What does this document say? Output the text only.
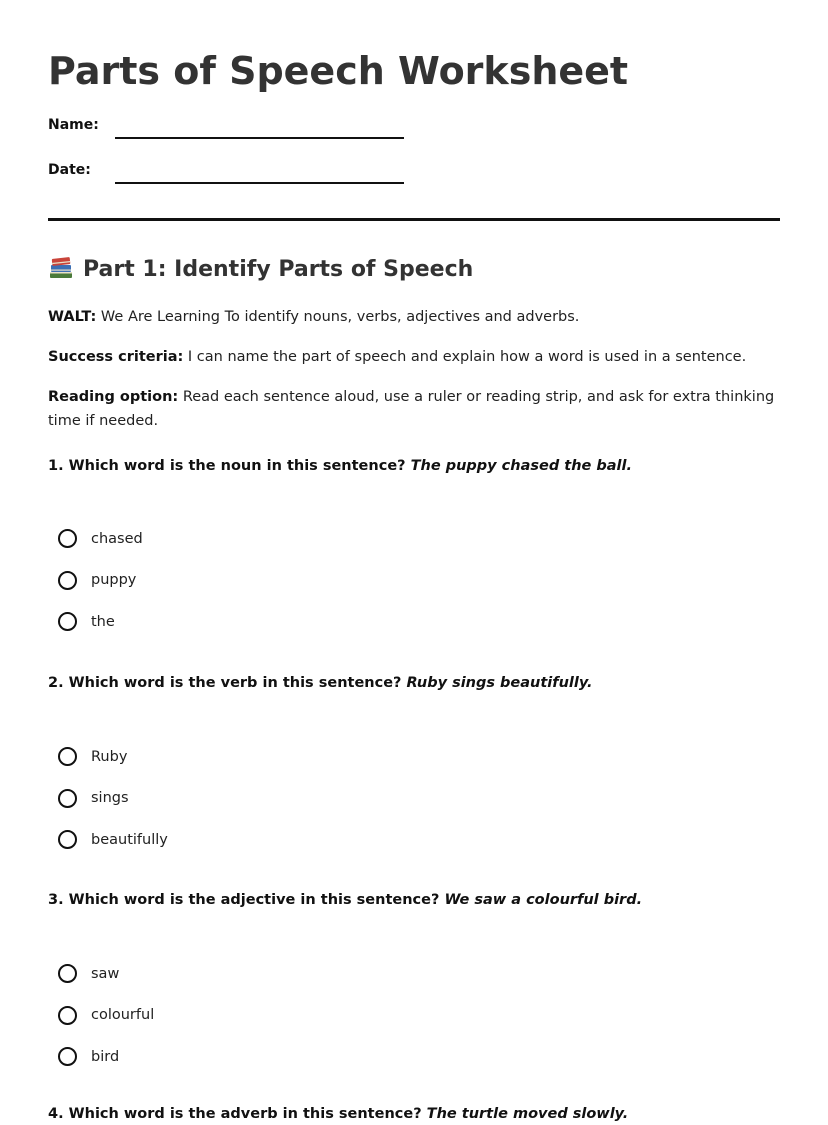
Parts of Speech Worksheet
Name:
Date:
Part 1: Identify Parts of Speech

WALT: We Are Learning To identify nouns, verbs, adjectives and adverbs.

Success criteria: I can name the part of speech and explain how a word is used in a sentence.

Reading option: Read each sentence aloud, use a ruler or reading strip, and ask for extra thinking time if needed.

1. Which word is the noun in this sentence? The puppy chased the ball.

chased
puppy
the

2. Which word is the verb in this sentence? Ruby sings beautifully.

Ruby
sings
beautifully

3. Which word is the adjective in this sentence? We saw a colourful bird.

saw
colourful
bird

4. Which word is the adverb in this sentence? The turtle moved slowly.
